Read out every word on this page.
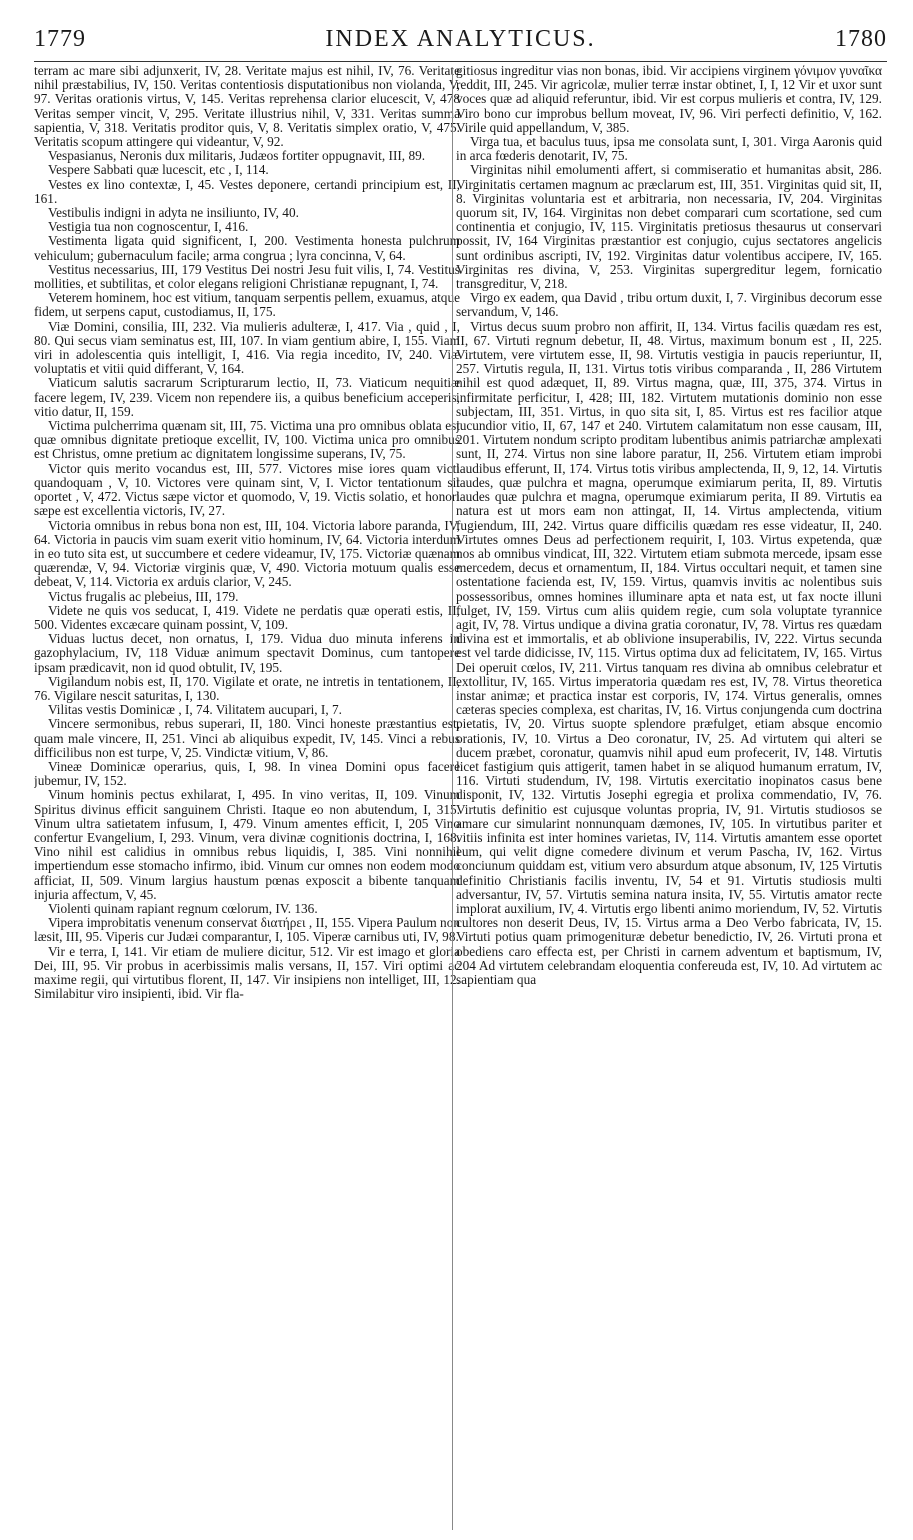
1779	INDEX ANALYTICUS.	1780

terram ac mare sibi adjunxerit, IV, 28. Veritate majus est nihil, IV, 76. Veritate nihil præstabilius, IV, 150. Veritas contentiosis disputationibus non violanda, V, 97. Veritas orationis virtus, V, 145. Veritas reprehensa clarior elucescit, V, 478 Veritas semper vincit, V, 295. Veritate illustrius nihil, V, 331. Veritas summa sapientia, V, 318. Veritatis proditor quis, V, 8. Veritatis simplex oratio, V, 475. Veritatis scopum attingere qui videantur, V, 92.

Vespasianus, Neronis dux militaris, Judæos fortiter oppugnavit, III, 89.

Vespere Sabbati quæ lucescit, etc , I, 114.

Vestes ex lino contextæ, I, 45. Vestes deponere, certandi principium est, II, 161.

Vestibulis indigni in adyta ne insiliunto, IV, 40.

Vestigia tua non cognoscentur, I, 416.

Vestimenta ligata quid significent, I, 200. Vestimenta honesta pulchrum vehiculum; gubernaculum facile; arma congrua ; lyra concinna, V, 64.

Vestitus necessarius, III, 179 Vestitus Dei nostri Jesu fuit vilis, I, 74. Vestitus mollities, et subtilitas, et color elegans religioni Christianæ repugnant, I, 74.

Veterem hominem, hoc est vitium, tanquam serpentis pellem, exuamus, atque fidem, ut serpens caput, custodiamus, II, 175.

Viæ Domini, consilia, III, 232. Via mulieris adulteræ, I, 417. Via , quid , I, 80. Qui secus viam seminatus est, III, 107. In viam gentium abire, I, 155. Viam viri in adolescentia quis intelligit, I, 416. Via regia incedito, IV, 240. Viæ voluptatis et vitii quid differant, V, 164.

Viaticum salutis sacrarum Scripturarum lectio, II, 73. Viaticum nequitiæ facere legem, IV, 239. Vicem non rependere iis, a quibus beneficium acceperis, vitio datur, II, 159.

Victima pulcherrima quænam sit, III, 75. Victima una pro omnibus oblata est quæ omnibus dignitate pretioque excellit, IV, 100. Victima unica pro omnibus est Christus, omne pretium ac dignitatem longissime superans, IV, 75.

Victor quis merito vocandus est, III, 577. Victores mise iores quam victi quandoquam , V, 10. Victores vere quinam sint, V, I. Victor tentationum sit oportet , V, 472. Victus sæpe victor et quomodo, V, 19. Victis solatio, et honori sæpe est excellentia victoris, IV, 27.

Victoria omnibus in rebus bona non est, III, 104. Victoria labore paranda, IV, 64. Victoria in paucis vim suam exerit vitio hominum, IV, 64. Victoria interdum in eo tuto sita est, ut succumbere et cedere videamur, IV, 175. Victoriæ quænam quærendæ, V, 94. Victoriæ virginis quæ, V, 490. Victoria motuum qualis esse debeat, V, 114. Victoria ex arduis clarior, V, 245.

Victus frugalis ac plebeius, III, 179.

Videte ne quis vos seducat, I, 419. Videte ne perdatis quæ operati estis, II, 500. Videntes excæcare quinam possint, V, 109.

Viduas luctus decet, non ornatus, I, 179. Vidua duo minuta inferens in gazophylacium, IV, 118 Viduæ animum spectavit Dominus, cum tantopere ipsam prædicavit, non id quod obtulit, IV, 195.

Vigilandum nobis est, II, 170. Vigilate et orate, ne intretis in tentationem, II, 76. Vigilare nescit saturitas, I, 130.

Vilitas vestis Dominicæ , I, 74. Vilitatem aucupari, I, 7.

Vincere sermonibus, rebus superari, II, 180. Vinci honeste præstantius est, quam male vincere, II, 251. Vinci ab aliquibus expedit, IV, 145. Vinci a rebus difficilibus non est turpe, V, 25. Vindictæ vitium, V, 86.

Vineæ Dominicæ operarius, quis, I, 98. In vinea Domini opus facere jubemur, IV, 152.

Vinum hominis pectus exhilarat, I, 495. In vino veritas, II, 109. Vinum Spiritus divinus efficit sanguinem Christi. Itaque eo non abutendum, I, 315. Vinum ultra satietatem infusum, I, 479. Vinum amentes efficit, I, 205 Vino confertur Evangelium, I, 293. Vinum, vera divinæ cognitionis doctrina, I, 168. Vino nihil est calidius in omnibus rebus liquidis, I, 385. Vini nonnihil impertiendum esse stomacho infirmo, ibid. Vinum cur omnes non eodem modo afficiat, II, 509. Vinum largius haustum pœnas exposcit a bibente tanquam injuria affectum, V, 45.

Violenti quinam rapiant regnum cœlorum, IV. 136.

Vipera improbitatis venenum conservat διατήρει , II, 155. Vipera Paulum non læsit, III, 95. Viperis cur Judæi comparantur, I, 105. Viperæ carnibus uti, IV, 98.

Vir e terra, I, 141. Vir etiam de muliere dicitur, 512. Vir est imago et gloria Dei, III, 95. Vir probus in acerbissimis malis versans, II, 157. Viri optimi ac maxime regii, qui virtutibus florent, II, 147. Vir insipiens non intelliget, III, 12. Similabitur viro insipienti, ibid. Vir fla-

gitiosus ingreditur vias non bonas, ibid. Vir accipiens virginem γόνιμον γυναῖκα reddit, III, 245. Vir agricolæ, mulier terræ instar obtinet, I, I, 12 Vir et uxor sunt voces quæ ad aliquid referuntur, ibid. Vir est corpus mulieris et contra, IV, 129. Viro bono cur improbus bellum moveat, IV, 96. Viri perfecti definitio, V, 162. Virile quid appellandum, V, 385.

Virga tua, et baculus tuus, ipsa me consolata sunt, I, 301. Virga Aaronis quid in arca fœderis denotarit, IV, 75.

Virginitas nihil emolumenti affert, si commiseratio et humanitas absit, 286. Virginitatis certamen magnum ac præclarum est, III, 351. Virginitas quid sit, II, 8. Virginitas voluntaria est et arbitraria, non necessaria, IV, 204. Virginitas quorum sit, IV, 164. Virginitas non debet comparari cum scortatione, sed cum continentia et conjugio, IV, 115. Virginitatis pretiosus thesaurus ut conservari possit, IV, 164 Virginitas præstantior est conjugio, cujus sectatores angelicis sunt ordinibus ascripti, IV, 192. Virginitas datur volentibus accipere, IV, 165. Virginitas res divina, V, 253. Virginitas supergreditur legem, fornicatio transgreditur, V, 218.

Virgo ex eadem, qua David , tribu ortum duxit, I, 7. Virginibus decorum esse servandum, V, 146.

Virtus decus suum probro non affirit, II, 134. Virtus facilis quædam res est, II, 67. Virtuti regnum debetur, II, 48. Virtus, maximum bonum est , II, 225. Virtutem, vere virtutem esse, II, 98. Virtutis vestigia in paucis reperiuntur, II, 257. Virtutis regula, II, 131. Virtus totis viribus comparanda , II, 286 Virtutem nihil est quod adæquet, II, 89. Virtus magna, quæ, III, 375, 374. Virtus in infirmitate perficitur, I, 428; III, 182. Virtutem mutationis dominio non esse subjectam, III, 351. Virtus, in quo sita sit, I, 85. Virtus est res facilior atque jucundior vitio, II, 67, 147 et 240. Virtutem calamitatum non esse causam, III, 201. Virtutem nondum scripto proditam lubentibus animis patriarchæ amplexati sunt, II, 274. Virtus non sine labore paratur, II, 256. Virtutem etiam improbi laudibus efferunt, II, 174. Virtus totis viribus amplectenda, II, 9, 12, 14. Virtutis laudes, quæ pulchra et magna, operumque eximiarum perita, II, 89. Virtutis laudes quæ pulchra et magna, operumque eximiarum perita, II 89. Virtutis ea natura est ut mors eam non attingat, II, 14. Virtus amplectenda, vitium fugiendum, III, 242. Virtus quare difficilis quædam res esse videatur, II, 240. Virtutes omnes Deus ad perfectionem requirit, I, 103. Virtus expetenda, quæ nos ab omnibus vindicat, III, 322. Virtutem etiam submota mercede, ipsam esse mercedem, decus et ornamentum, II, 184. Virtus occultari nequit, et tamen sine ostentatione facienda est, IV, 159. Virtus, quamvis invitis ac nolentibus suis possessoribus, omnes homines illuminare apta et nata est, ut fax nocte illuni fulget, IV, 159. Virtus cum aliis quidem regie, cum sola voluptate tyrannice agit, IV, 78. Virtus undique a divina gratia coronatur, IV, 78. Virtus res quædam divina est et immortalis, et ab oblivione insuperabilis, IV, 222. Virtus secunda est vel tarde didicisse, IV, 115. Virtus optima dux ad felicitatem, IV, 165. Virtus Dei operuit cœlos, IV, 211. Virtus tanquam res divina ab omnibus celebratur et extollitur, IV, 165. Virtus imperatoria quædam res est, IV, 78. Virtus theoretica instar animæ; et practica instar est corporis, IV, 174. Virtus generalis, omnes cæteras species complexa, est charitas, IV, 16. Virtus conjungenda cum doctrina pietatis, IV, 20. Virtus suopte splendore præfulget, etiam absque encomio orationis, IV, 10. Virtus a Deo coronatur, IV, 25. Ad virtutem qui alteri se ducem præbet, coronatur, quamvis nihil apud eum profecerit, IV, 148. Virtutis licet fastigium quis attigerit, tamen habet in se aliquod humanum erratum, IV, 116. Virtuti studendum, IV, 198. Virtutis exercitatio inopinatos casus bene disponit, IV, 132. Virtutis Josephi egregia et prolixa commendatio, IV, 76. Virtutis definitio est cujusque voluntas propria, IV, 91. Virtutis studiosos se amare cur simularint nonnunquam dæmones, IV, 105. In virtutibus pariter et vitiis infinita est inter homines varietas, IV, 114. Virtutis amantem esse oportet eum, qui velit digne comedere divinum et verum Pascha, IV, 162. Virtus conciunum quiddam est, vitium vero absurdum atque absonum, IV, 125 Virtutis definitio Christianis facilis inventu, IV, 54 et 91. Virtutis studiosis multi adversantur, IV, 57. Virtutis semina natura insita, IV, 55. Virtutis amator recte implorat auxilium, IV, 4. Virtutis ergo libenti animo moriendum, IV, 52. Virtutis cultores non deserit Deus, IV, 15. Virtus arma a Deo Verbo fabricata, IV, 15. Virtuti potius quam primogenituræ debetur benedictio, IV, 26. Virtuti prona et obediens caro effecta est, per Christi in carnem adventum et baptismum, IV, 204 Ad virtutem celebrandam eloquentia confereuda est, IV, 10. Ad virtutem ac sapientiam qua
